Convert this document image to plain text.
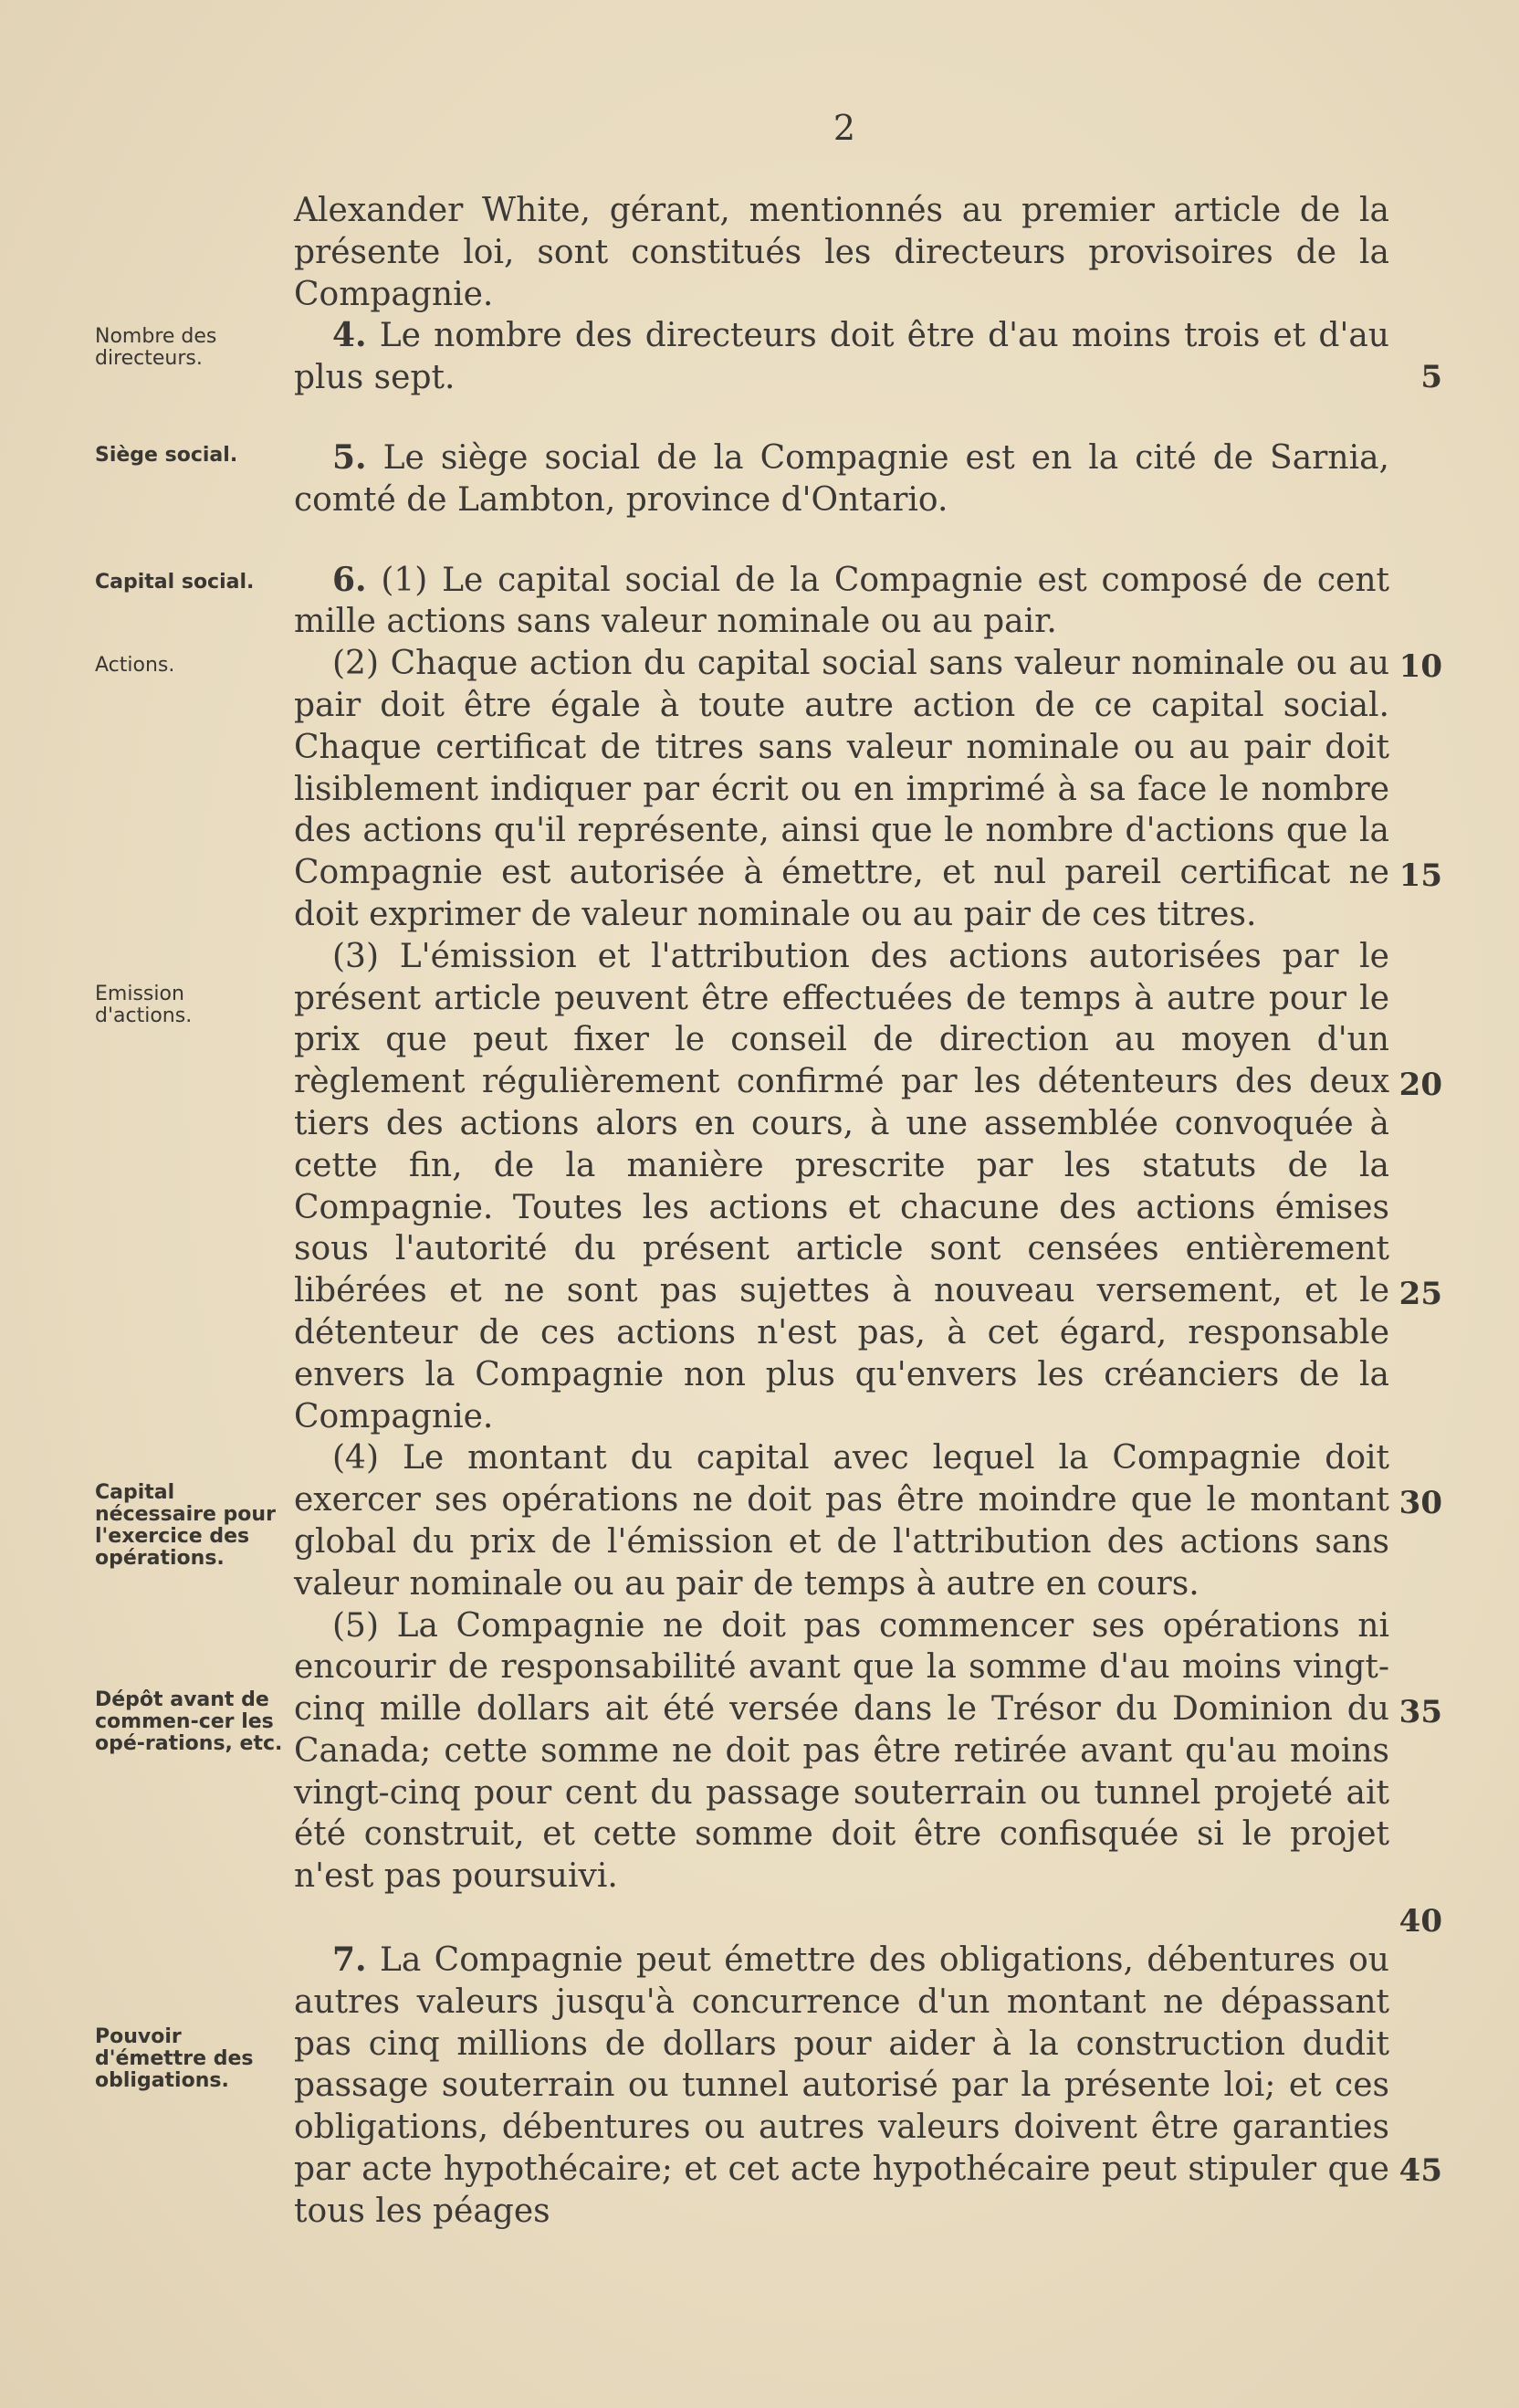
2
Nombre des directeurs.
Siège social.
Capital social.
Actions.
Emission d'actions.
Capital nécessaire pour l'exercice des opérations.
Dépôt avant de commen-cer les opé-rations, etc.
Pouvoir d'émettre des obligations.

Alexander White, gérant, mentionnés au premier article de la présente loi, sont constitués les directeurs provisoires de la Compagnie.

4. Le nombre des directeurs doit être d'au moins trois et d'au plus sept.

5. Le siège social de la Compagnie est en la cité de Sarnia, comté de Lambton, province d'Ontario.

6. (1) Le capital social de la Compagnie est composé de cent mille actions sans valeur nominale ou au pair.

(2) Chaque action du capital social sans valeur nominale ou au pair doit être égale à toute autre action de ce capital social. Chaque certificat de titres sans valeur nominale ou au pair doit lisiblement indiquer par écrit ou en imprimé à sa face le nombre des actions qu'il représente, ainsi que le nombre d'actions que la Compagnie est autorisée à émettre, et nul pareil certificat ne doit exprimer de valeur nominale ou au pair de ces titres.

(3) L'émission et l'attribution des actions autorisées par le présent article peuvent être effectuées de temps à autre pour le prix que peut fixer le conseil de direction au moyen d'un règlement régulièrement confirmé par les détenteurs des deux tiers des actions alors en cours, à une assemblée convoquée à cette fin, de la manière prescrite par les statuts de la Compagnie. Toutes les actions et chacune des actions émises sous l'autorité du présent article sont censées entièrement libérées et ne sont pas sujettes à nouveau versement, et le détenteur de ces actions n'est pas, à cet égard, responsable envers la Compagnie non plus qu'envers les créanciers de la Compagnie.

(4) Le montant du capital avec lequel la Compagnie doit exercer ses opérations ne doit pas être moindre que le montant global du prix de l'émission et de l'attribution des actions sans valeur nominale ou au pair de temps à autre en cours.

(5) La Compagnie ne doit pas commencer ses opérations ni encourir de responsabilité avant que la somme d'au moins vingt-cinq mille dollars ait été versée dans le Trésor du Dominion du Canada; cette somme ne doit pas être retirée avant qu'au moins vingt-cinq pour cent du passage souterrain ou tunnel projeté ait été construit, et cette somme doit être confisquée si le projet n'est pas poursuivi.

7. La Compagnie peut émettre des obligations, débentures ou autres valeurs jusqu'à concurrence d'un montant ne dépassant pas cinq millions de dollars pour aider à la construction dudit passage souterrain ou tunnel autorisé par la présente loi; et ces obligations, débentures ou autres valeurs doivent être garanties par acte hypothécaire; et cet acte hypothécaire peut stipuler que tous les péages

5
10
15
20
25
30
35
40
45
